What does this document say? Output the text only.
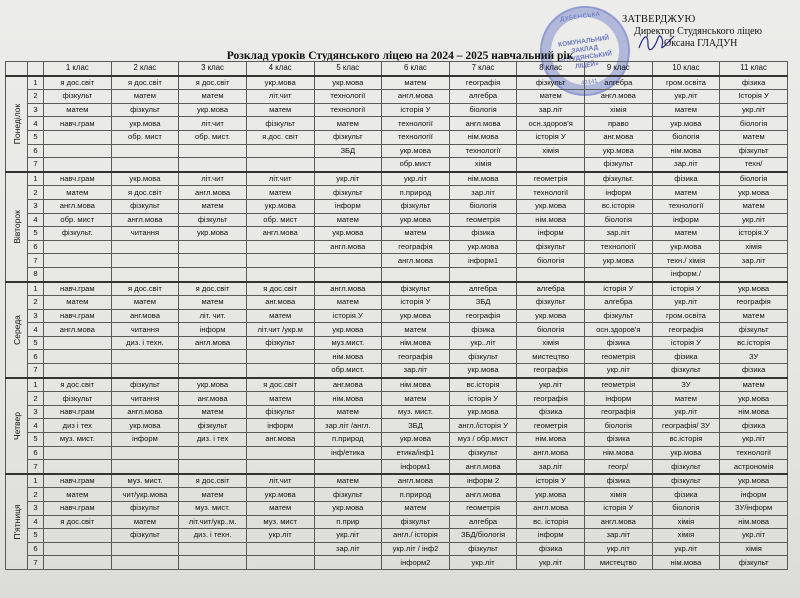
ДУБЕНСЬКА
КОМУНАЛЬНИЙ ЗАКЛАД «СТУДЯНСЬКИЙ ЛІЦЕЙ»
43141
ЗАТВЕРДЖУЮ
Директор Студянського ліцею
Оксана ГЛАДУН
Розклад уроків Студянського ліцею на 2024 – 2025 навчальний рік
		1 клас	2 клас	3 клас	4 клас	5 клас	6 клас	7 клас	8 клас	9 клас	10 клас	11 клас

Понеділок	1	я дос.світ	я дос.світ	я дос.світ	укр.мова	укр.мова	матем	географія	фізкульт	алгебра	гром.освіта	фізика
	2	фізкульт	матем	матем	літ.чит	технології	англ.мова	алгебра	матем	англ.мова	укр.літ	Історія У
	3	матем	фізкульт	укр.мова	матем	технології	історія У	біологія	зар.літ	хімія	матем	укр.літ
	4	навч.грам	укр.мова	літ.чит	фізкульт	матем	технології	англ.мова	осн.здоров'я	право	укр.мова	біологія
	5		обр. мист	обр. мист.	я.дос. світ	фізкульт	технології	нім.мова	історія У	анг.мова	біологія	матем
	6					ЗБД	укр.мова	технології	хімія	укр.мова	нім.мова	фізкульт
	7						обр.мист	хімія		фізкульт	зар.літ	техн/

Вівторок	1	навч.грам	укр.мова	літ.чит	літ.чит	укр.літ	укр.літ	нім.мова	геометрія	фізкульт.	фізика	біологія
	2	матем	я дос.світ	англ.мова	матем	фізкульт	п.природ	зар.літ	технології	інформ	матем	укр.мова
	3	англ.мова	фізкульт	матем	укр.мова	інформ	фізкульт	біологія	укр.мова	вс.історія	технології	матем
	4	обр. мист	англ.мова	фізкульт	обр. мист	матем	укр.мова	геометрія	нім.мова	біологія	інформ	укр.літ
	5	фізкульт.	читання	укр.мова	англ.мова	укр.мова	матем	фізика	інформ	зар.літ	матем	історія.У
	6					англ.мова	географія	укр.мова	фізкульт	технології	укр.мова	хімія
	7						англ.мова	інформ1	біологія	укр.мова	техн./ хімія	зар.літ
	8										інформ./	

Середа	1	навч.грам	я дос.світ	я дос.світ	я дос.світ	англ.мова	фізкульт	алгебра	алгебра	історія У	історія У	укр.мова
	2	матем	матем	матем	анг.мова	матем	історія У	ЗБД	фізкульт	алгебра	укр.літ	географія
	3	навч.грам	анг.мова	літ. чит.	матем	історія.У	укр.мова	географія	укр.мова	фізкульт	гром.освіта	матем
	4	англ.мова	читання	інформ	літ.чит /укр.м	укр.мова	матем	фізика	біологія	осн.здоров'я	географія	фізкульт
	5		диз. і техн.	англ.мова	фізкульт	муз.мист.	нім.мова	укр..літ	хімія	фізика	історія У	вс.історія
	6					нім.мова	географія	фізкульт	мистецтво	геометрія	фізика	ЗУ
	7					обр.мист.	зар.літ	укр.мова	географія	укр.літ	фізкульт	фізика

Четвер	1	я дос.світ	фізкульт	укр.мова	я дос.світ	анг.мова	нім.мова	вс.історія	укр.літ	геометрія	ЗУ	матем
	2	фізкульт	читання	анг.мова	матем	нім.мова	матем	історія У	географія	інформ	матем	укр.мова
	3	навч.грам	англ.мова	матем	фізкульт	матем	муз. мист.	укр.мова	фізика	географія	укр.літ	нім.мова
	4	диз і тех	укр.мова	фізкульт	інформ	зар.літ /англ.	ЗБД	англ./історія У	геометрія	біологія	географія/ ЗУ	фізика
	5	муз. мист.	інформ	диз. і тех	анг.мова	п.природ	укр.мова	муз / обр.мист	нім.мова	фізика	вс.історія	укр.літ
	6					інф/етика	етика/інф1	фізкульт	англ.мова	нім.мова	укр.мова	технології
	7						інформ1	англ.мова	зар.літ	геогр/	фізкульт	астрономія

П'ятниця	1	навч.грам	муз. мист.	я дос.світ	літ.чит	матем	англ.мова	інформ 2	історія У	фізика	фізкульт	укр.мова
	2	матем	чит/укр.мова	матем	укр.мова	фізкульт	п.природ	англ.мова	укр.мова	хімія	фізика	інформ
	3	навч.грам	фізкульт	муз. мист.	матем	укр.мова	матем	геометрія	англ.мова	історія У	біологія	ЗУ/інформ
	4	я дос.світ	матем	літ.чит/укр..м.	муз. мист	п.прир	фізкульт	алгебра	вс. історія	англ.мова	хімія	нім.мова
	5		фізкульт	диз. і техн.	укр.літ	укр.літ	англ./ історія	ЗБД/біологія	інформ	зар.літ	хімія	укр.літ
	6					зар.літ	укр.літ / інф2	фізкульт	фізика	укр.літ	укр.літ	хімія
	7						інформ2	укр.літ	укр.літ	мистецтво	нім.мова	фізкульт
